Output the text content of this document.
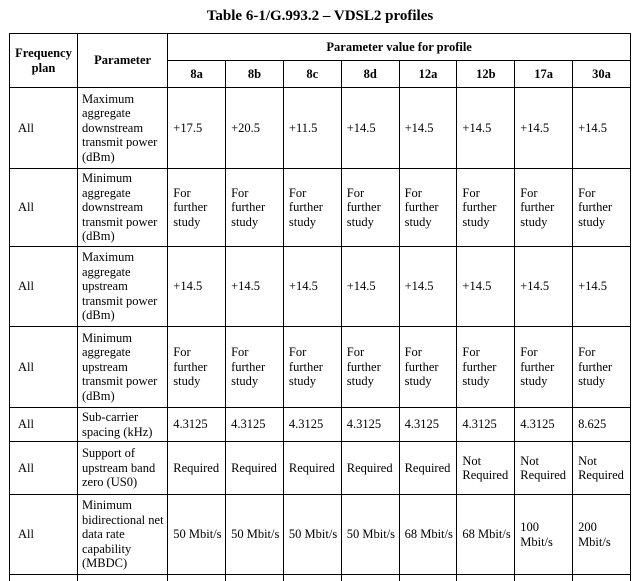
Table 6-1/G.993.2 – VDSL2 profiles
Frequency plan	Parameter	Parameter value for profile							
		8a	8b	8c	8d	12a	12b	17a	30a
All	Maximum aggregate downstream transmit power (dBm)	+17.5	+20.5	+11.5	+14.5	+14.5	+14.5	+14.5	+14.5
All	Minimum aggregate downstream transmit power (dBm)	For further study	For further study	For further study	For further study	For further study	For further study	For further study	For further study
All	Maximum aggregate upstream transmit power (dBm)	+14.5	+14.5	+14.5	+14.5	+14.5	+14.5	+14.5	+14.5
All	Minimum aggregate upstream transmit power (dBm)	For further study	For further study	For further study	For further study	For further study	For further study	For further study	For further study
All	Sub-carrier spacing (kHz)	4.3125	4.3125	4.3125	4.3125	4.3125	4.3125	4.3125	8.625
All	Support of upstream band zero (US0)	Required	Required	Required	Required	Required	Not Required	Not Required	Not Required
All	Minimum bidirectional net data rate capability (MBDC)	50 Mbit/s	50 Mbit/s	50 Mbit/s	50 Mbit/s	68 Mbit/s	68 Mbit/s	100 Mbit/s	200 Mbit/s
